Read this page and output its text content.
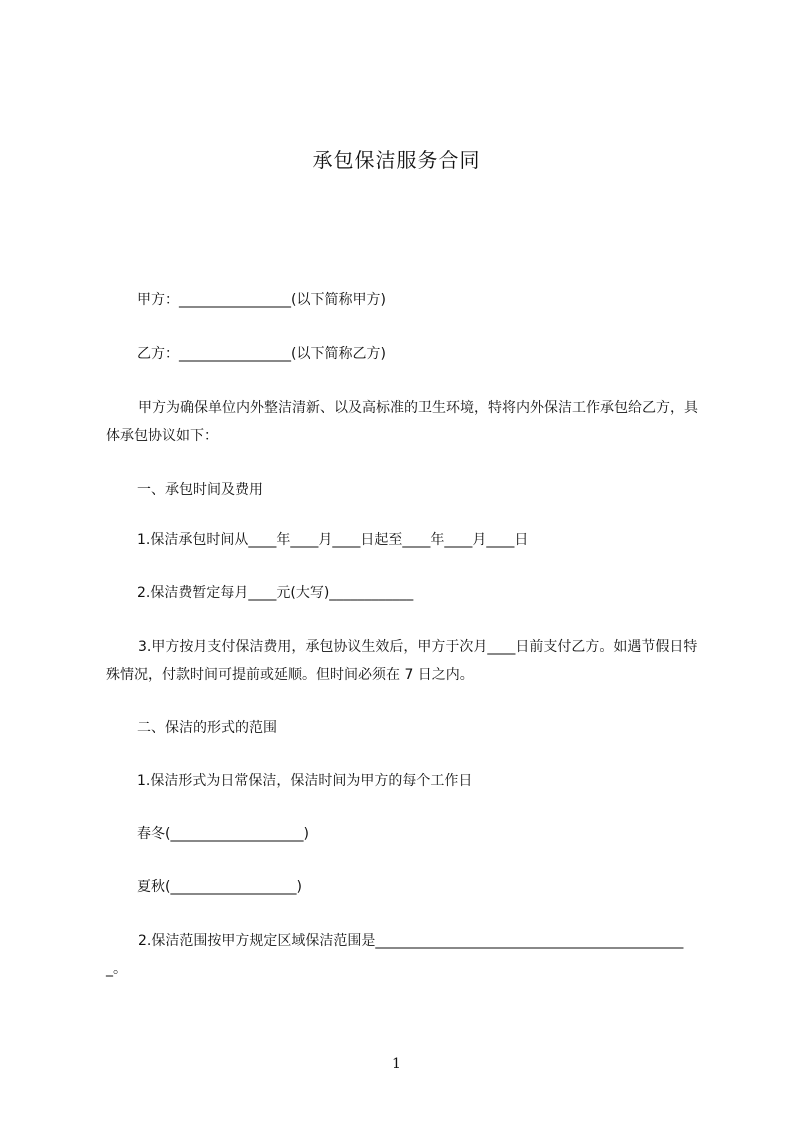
承包保洁服务合同
甲方：________________(以下简称甲方)
乙方：________________(以下简称乙方)
甲方为确保单位内外整洁清新、以及高标准的卫生环境，特将内外保洁工作承包给乙方，具体承包协议如下：
一、承包时间及费用
1.保洁承包时间从____年____月____日起至____年____月____日
2.保洁费暂定每月____元(大写)____________
3.甲方按月支付保洁费用，承包协议生效后，甲方于次月____日前支付乙方。如遇节假日特殊情况，付款时间可提前或延顺。但时间必须在 7 日之内。
二、保洁的形式的范围
1.保洁形式为日常保洁，保洁时间为甲方的每个工作日
春冬(___________________)
夏秋(__________________)
2.保洁范围按甲方规定区域保洁范围是_____________________________________________。
1
